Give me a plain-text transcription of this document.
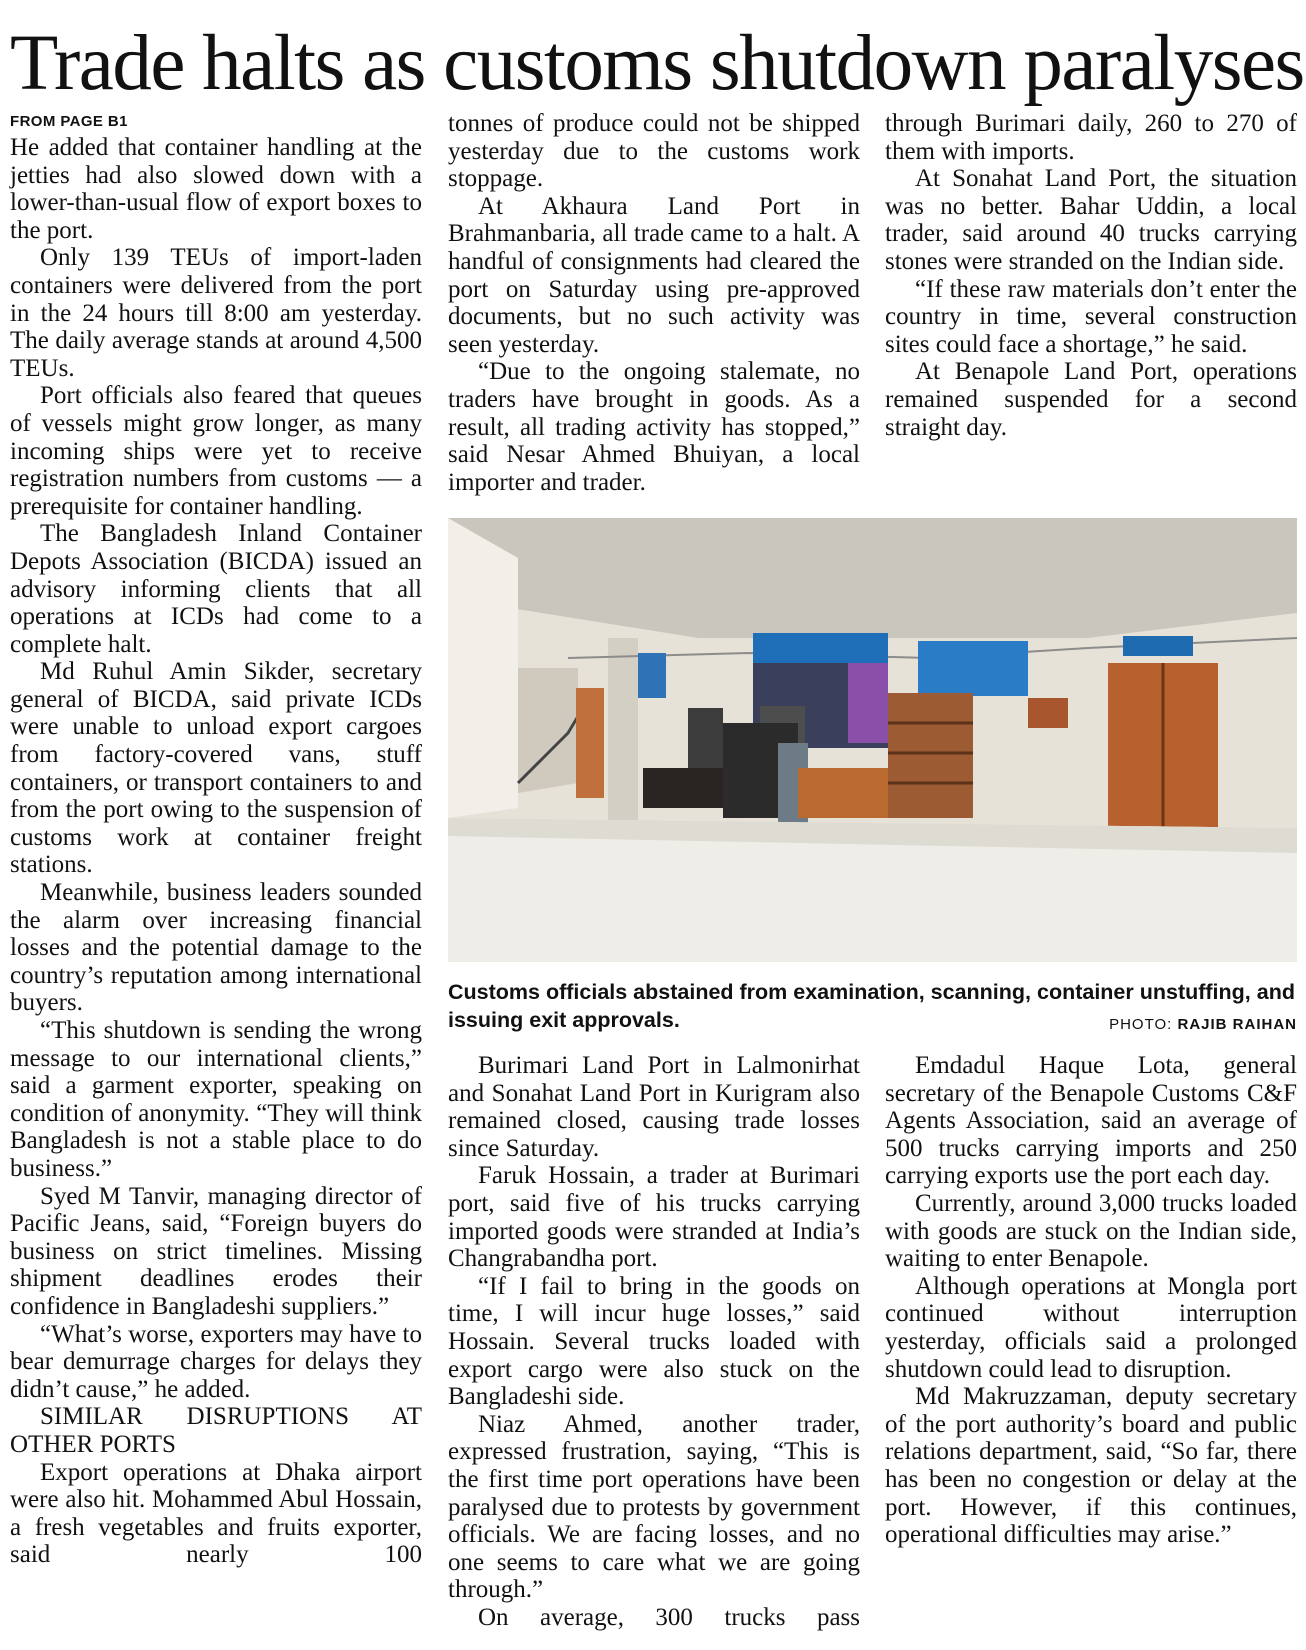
Trade halts as customs shutdown paralyses
FROM PAGE B1

He added that container handling at the jetties had also slowed down with a lower-than-usual flow of export boxes to the port.

Only 139 TEUs of import-laden containers were delivered from the port in the 24 hours till 8:00 am yesterday. The daily average stands at around 4,500 TEUs.

Port officials also feared that queues of vessels might grow longer, as many incoming ships were yet to receive registration numbers from customs — a prerequisite for container handling.

The Bangladesh Inland Container Depots Association (BICDA) issued an advisory informing clients that all operations at ICDs had come to a complete halt.

Md Ruhul Amin Sikder, secretary general of BICDA, said private ICDs were unable to unload export cargoes from factory-covered vans, stuff containers, or transport containers to and from the port owing to the suspension of customs work at container freight stations.

Meanwhile, business leaders sounded the alarm over increasing financial losses and the potential damage to the country’s reputation among international buyers.

“This shutdown is sending the wrong message to our international clients,” said a garment exporter, speaking on condition of anonymity. “They will think Bangladesh is not a stable place to do business.”

Syed M Tanvir, managing director of Pacific Jeans, said, “Foreign buyers do business on strict timelines. Missing shipment deadlines erodes their confidence in Bangladeshi suppliers.”

“What’s worse, exporters may have to bear demurrage charges for delays they didn’t cause,” he added.

SIMILAR DISRUPTIONS AT

OTHER PORTS

Export operations at Dhaka airport were also hit. Mohammed Abul Hossain, a fresh vegetables and fruits exporter, said nearly 100

tonnes of produce could not be shipped yesterday due to the customs work stoppage.

At Akhaura Land Port in Brahmanbaria, all trade came to a halt. A handful of consignments had cleared the port on Saturday using pre-approved documents, but no such activity was seen yesterday.

“Due to the ongoing stalemate, no traders have brought in goods. As a result, all trading activity has stopped,” said Nesar Ahmed Bhuiyan, a local importer and trader.

through Burimari daily, 260 to 270 of them with imports.

At Sonahat Land Port, the situation was no better. Bahar Uddin, a local trader, said around 40 trucks carrying stones were stranded on the Indian side.

“If these raw materials don’t enter the country in time, several construction sites could face a shortage,” he said.

At Benapole Land Port, operations remained suspended for a second straight day.

Customs officials abstained from examination, scanning, container unstuffing, and issuing exit approvals.	PHOTO: RAJIB RAIHAN

Burimari Land Port in Lalmonirhat and Sonahat Land Port in Kurigram also remained closed, causing trade losses since Saturday.

Faruk Hossain, a trader at Burimari port, said five of his trucks carrying imported goods were stranded at India’s Changrabandha port.

“If I fail to bring in the goods on time, I will incur huge losses,” said Hossain. Several trucks loaded with export cargo were also stuck on the Bangladeshi side.

Niaz Ahmed, another trader, expressed frustration, saying, “This is the first time port operations have been paralysed due to protests by government officials. We are facing losses, and no one seems to care what we are going through.”

On average, 300 trucks pass

Emdadul Haque Lota, general secretary of the Benapole Customs C&F Agents Association, said an average of 500 trucks carrying imports and 250 carrying exports use the port each day.

Currently, around 3,000 trucks loaded with goods are stuck on the Indian side, waiting to enter Benapole.

Although operations at Mongla port continued without interruption yesterday, officials said a prolonged shutdown could lead to disruption.

Md Makruzzaman, deputy secretary of the port authority’s board and public relations department, said, “So far, there has been no congestion or delay at the port. However, if this continues, operational difficulties may arise.”
